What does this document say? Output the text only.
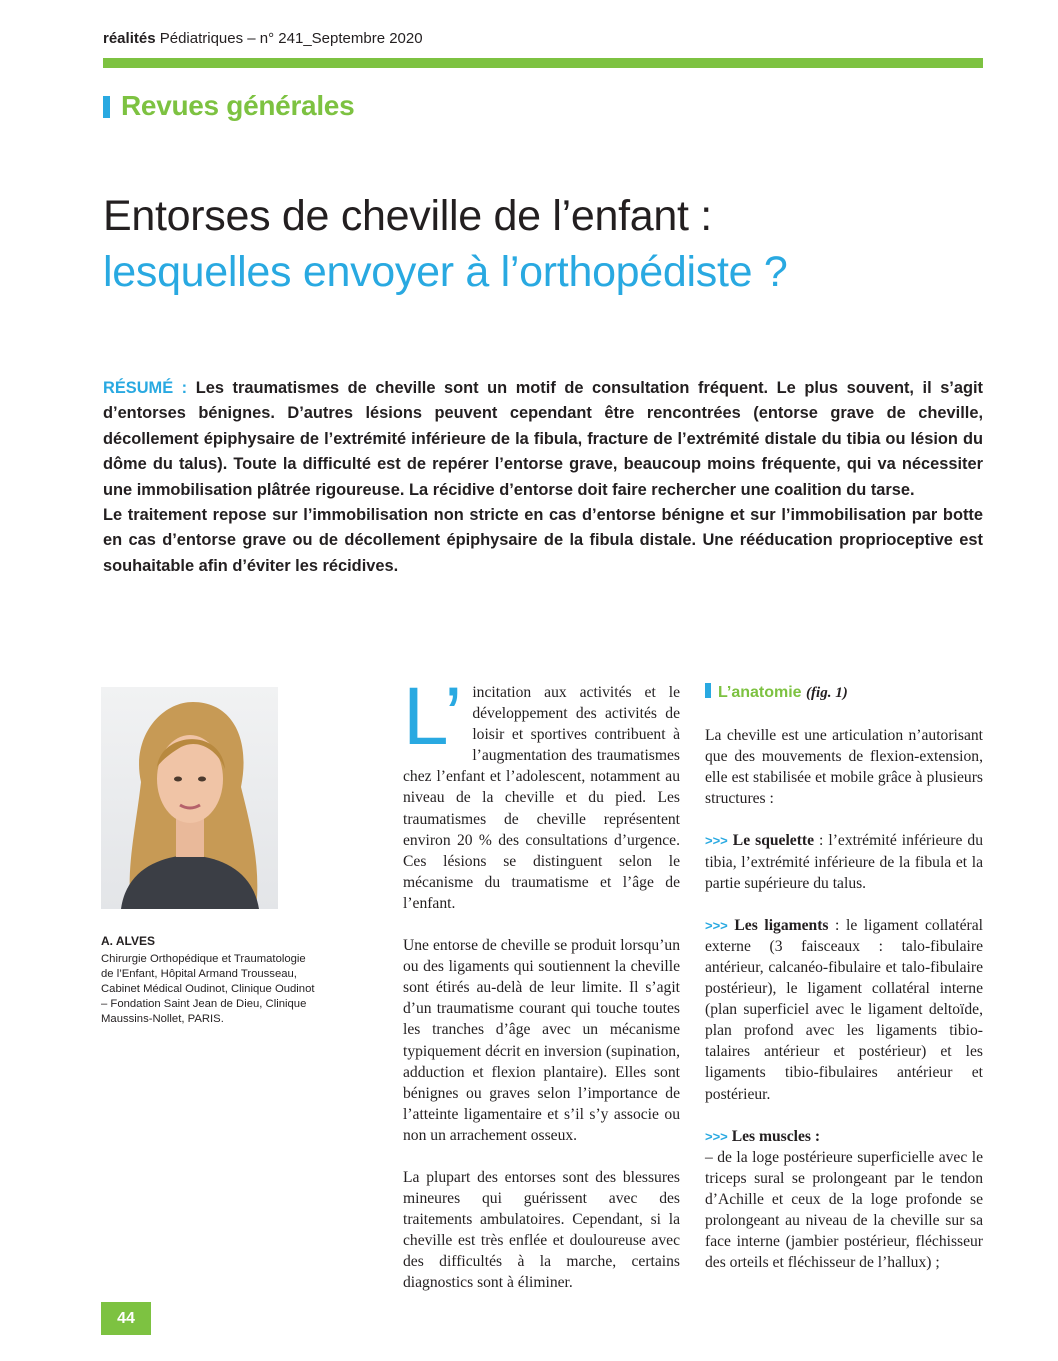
réalités Pédiatriques – n° 241_Septembre 2020
Revues générales
Entorses de cheville de l’enfant :
lesquelles envoyer à l’orthopédiste ?

RÉSUMÉ : Les traumatismes de cheville sont un motif de consultation fréquent. Le plus souvent, il s’agit d’entorses bénignes. D’autres lésions peuvent cependant être rencontrées (entorse grave de cheville, décollement épiphysaire de l’extrémité inférieure de la fibula, fracture de l’extrémité distale du tibia ou lésion du dôme du talus). Toute la difficulté est de repérer l’entorse grave, beaucoup moins fréquente, qui va nécessiter une immobilisation plâtrée rigoureuse. La récidive d’entorse doit faire rechercher une coalition du tarse.

Le traitement repose sur l’immobilisation non stricte en cas d’entorse bénigne et sur l’immobilisation par botte en cas d’entorse grave ou de décollement épiphysaire de la fibula distale. Une rééducation proprioceptive est souhaitable afin d’éviter les récidives.

A. ALVES
Chirurgie Orthopédique et Traumatologie de l’Enfant, Hôpital Armand Trousseau, Cabinet Médical Oudinot, Clinique Oudinot – Fondation Saint Jean de Dieu, Clinique Maussins-Nollet, PARIS.

L’ incitation aux activités et le développement des activités de loisir et sportives contribuent à l’augmentation des traumatismes chez l’enfant et l’adolescent, notamment au niveau de la cheville et du pied. Les traumatismes de cheville représentent environ 20 % des consultations d’urgence. Ces lésions se distinguent selon le mécanisme du traumatisme et l’âge de l’enfant.

Une entorse de cheville se produit lorsqu’un ou des ligaments qui soutiennent la cheville sont étirés au-delà de leur limite. Il s’agit d’un traumatisme courant qui touche toutes les tranches d’âge avec un mécanisme typiquement décrit en inversion (supination, adduction et flexion plantaire). Elles sont bénignes ou graves selon l’importance de l’atteinte ligamentaire et s’il s’y associe ou non un arrachement osseux.

La plupart des entorses sont des blessures mineures qui guérissent avec des traitements ambulatoires. Cependant, si la cheville est très enflée et douloureuse avec des difficultés à la marche, certains diagnostics sont à éliminer.

L’anatomie (fig. 1)

La cheville est une articulation n’autorisant que des mouvements de flexion-extension, elle est stabilisée et mobile grâce à plusieurs structures :

>>> Le squelette : l’extrémité inférieure du tibia, l’extrémité inférieure de la fibula et la partie supérieure du talus.

>>> Les ligaments : le ligament collatéral externe (3 faisceaux : talo-fibulaire antérieur, calcanéo-fibulaire et talo-fibulaire postérieur), le ligament collatéral interne (plan superficiel avec le ligament deltoïde, plan profond avec les ligaments tibio-talaires antérieur et postérieur) et les ligaments tibio-fibulaires antérieur et postérieur.

>>> Les muscles :
– de la loge postérieure superficielle avec le triceps sural se prolongeant par le tendon d’Achille et ceux de la loge profonde se prolongeant au niveau de la cheville sur sa face interne (jambier postérieur, fléchisseur des orteils et fléchisseur de l’hallux) ;

44
